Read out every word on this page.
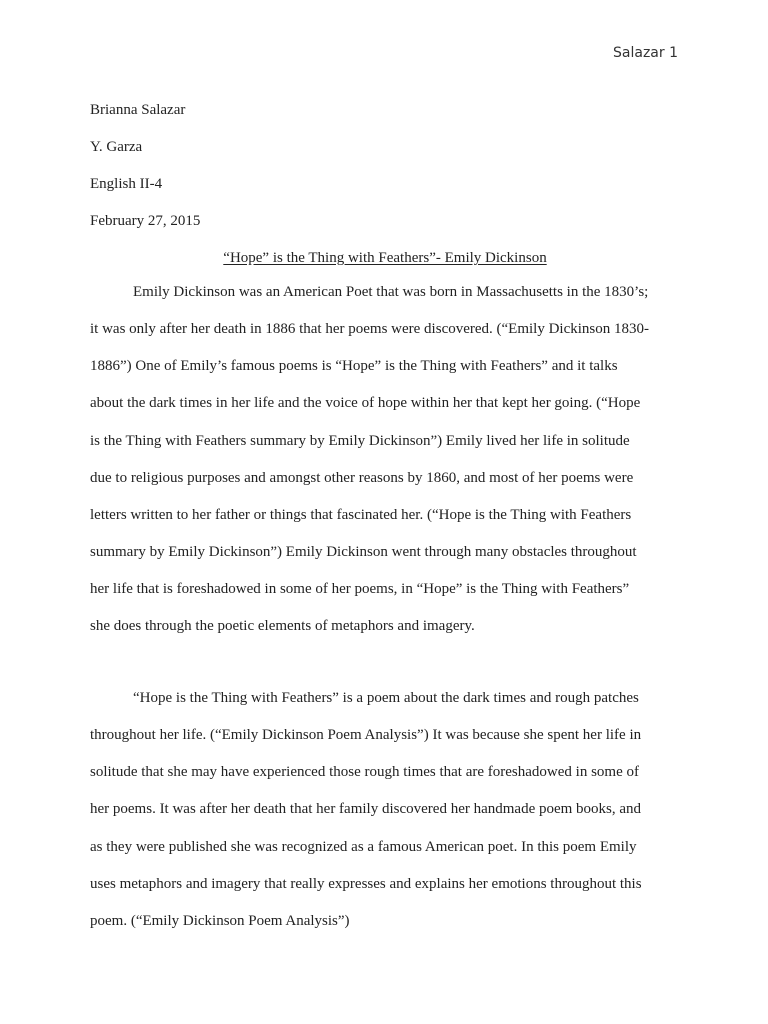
Salazar 1
Brianna Salazar
Y. Garza
English II-4
February 27, 2015
“Hope” is the Thing with Feathers”- Emily Dickinson
Emily Dickinson was an American Poet that was born in Massachusetts in the 1830’s;
it was only after her death in 1886 that her poems were discovered. (“Emily Dickinson 1830-
1886”) One of Emily’s famous poems is “Hope” is the Thing with Feathers” and it talks
about the dark times in her life and the voice of hope within her that kept her going. (“Hope
is the Thing with Feathers summary by Emily Dickinson”) Emily lived her life in solitude
due to religious purposes and amongst other reasons by 1860, and most of her poems were
letters written to her father or things that fascinated her. (“Hope is the Thing with Feathers
summary by Emily Dickinson”) Emily Dickinson went through many obstacles throughout
her life that is foreshadowed in some of her poems, in “Hope” is the Thing with Feathers”
she does through the poetic elements of metaphors and imagery.
“Hope is the Thing with Feathers” is a poem about the dark times and rough patches
throughout her life. (“Emily Dickinson Poem Analysis”) It was because she spent her life in
solitude that she may have experienced those rough times that are foreshadowed in some of
her poems. It was after her death that her family discovered her handmade poem books, and
as they were published she was recognized as a famous American poet. In this poem Emily
uses metaphors and imagery that really expresses and explains her emotions throughout this
poem. (“Emily Dickinson Poem Analysis”)
